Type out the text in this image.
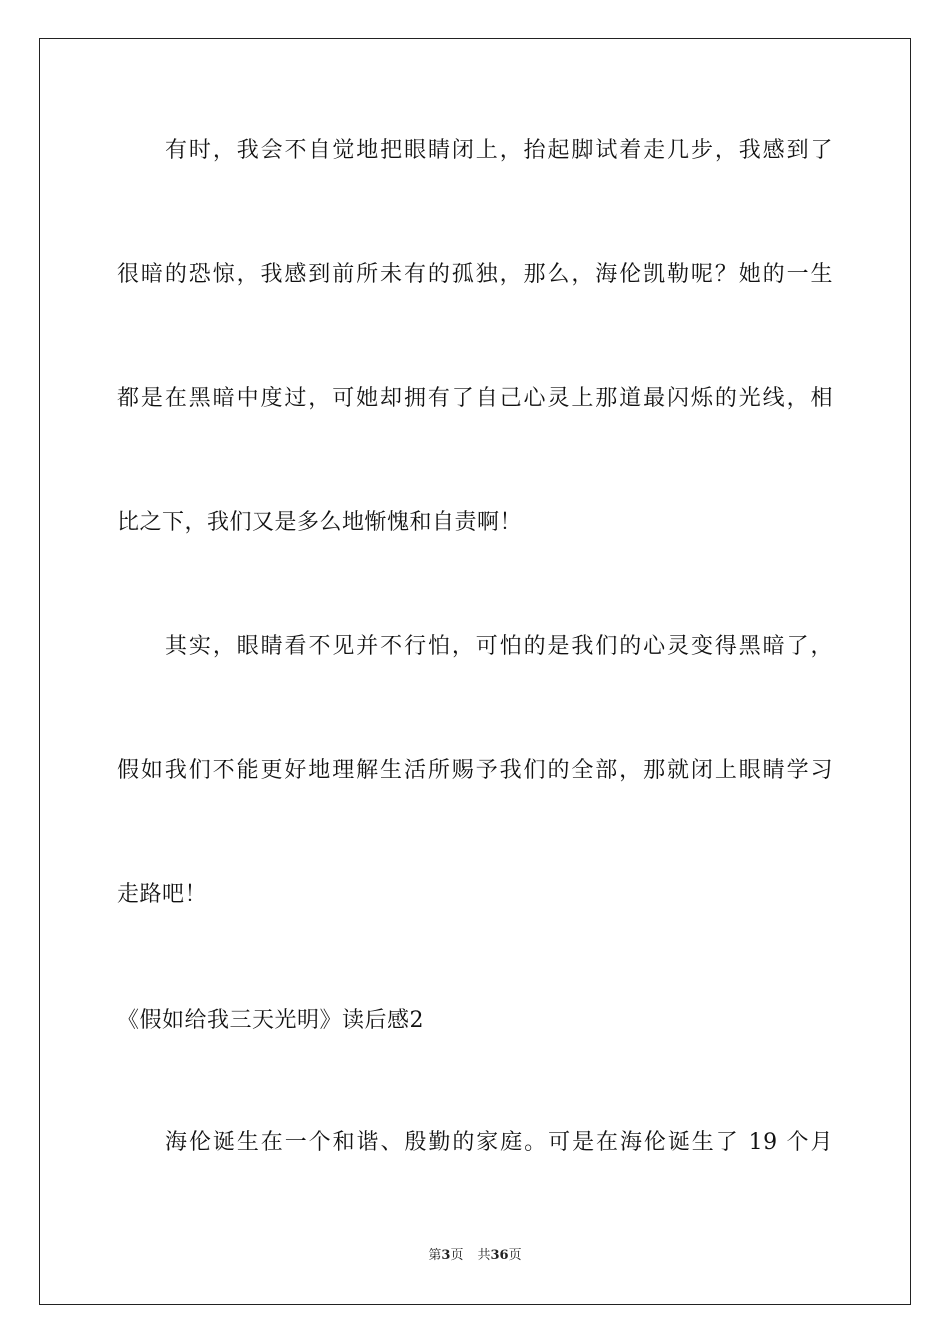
有时，我会不自觉地把眼睛闭上，抬起脚试着走几步，我感到了
很暗的恐惊，我感到前所未有的孤独，那么，海伦凯勒呢？她的一生
都是在黑暗中度过，可她却拥有了自己心灵上那道最闪烁的光线，相
比之下，我们又是多么地惭愧和自责啊！
其实，眼睛看不见并不行怕，可怕的是我们的心灵变得黑暗了，
假如我们不能更好地理解生活所赐予我们的全部，那就闭上眼睛学习
走路吧！
《假如给我三天光明》读后感2
海伦诞生在一个和谐、殷勤的家庭。可是在海伦诞生了 19 个月
第3页 共36页
